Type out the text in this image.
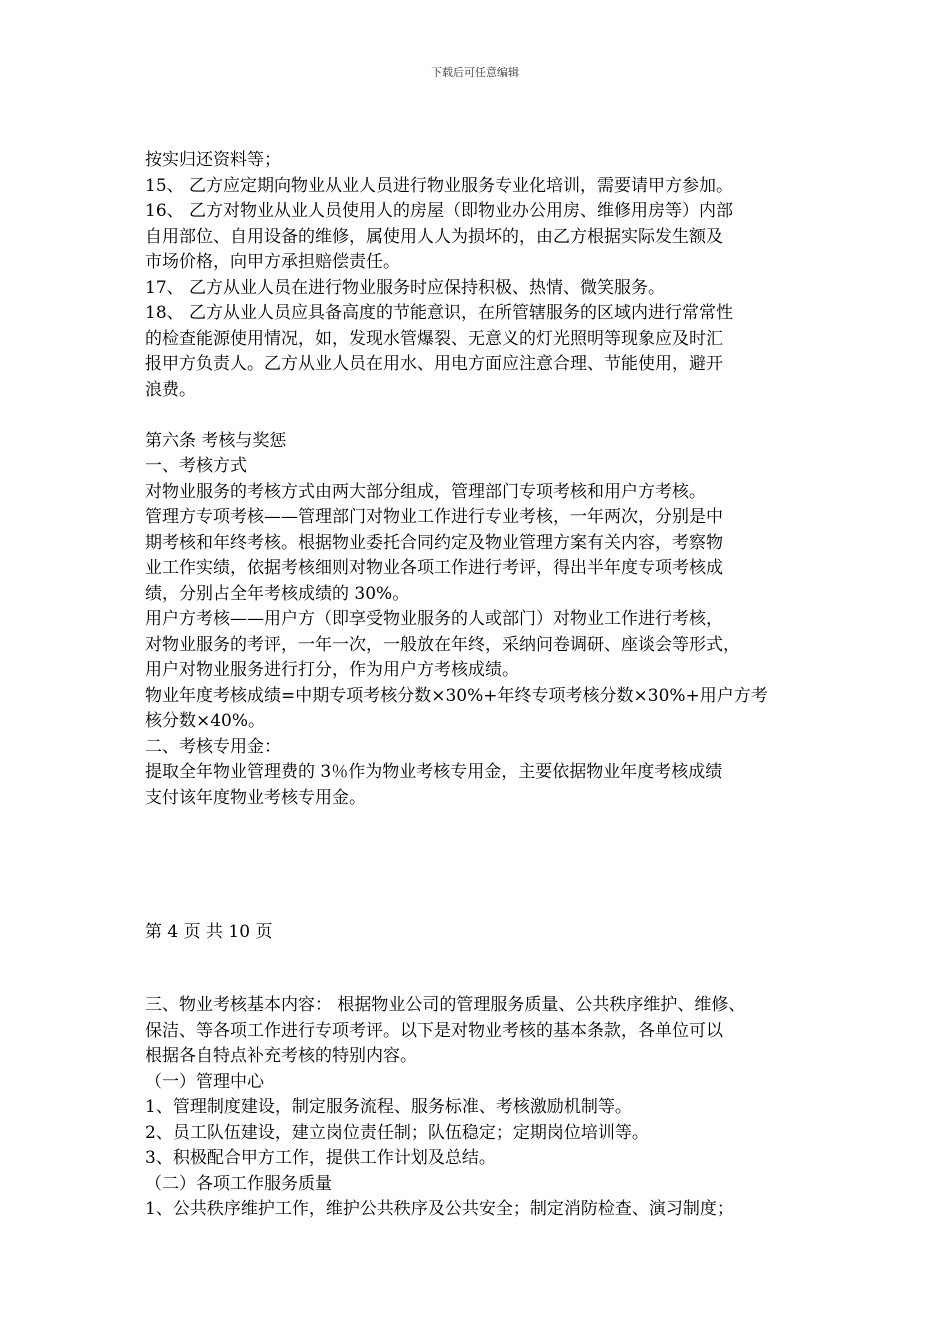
下载后可任意编辑
按实归还资料等；
15、 乙方应定期向物业从业人员进行物业服务专业化培训，需要请甲方参加。
16、 乙方对物业从业人员使用人的房屋（即物业办公用房、维修用房等）内部
自用部位、自用设备的维修，属使用人人为损坏的，由乙方根据实际发生额及
市场价格，向甲方承担赔偿责任。
17、 乙方从业人员在进行物业服务时应保持积极、热情、微笑服务。
18、 乙方从业人员应具备高度的节能意识，在所管辖服务的区域内进行常常性
的检查能源使用情况，如，发现水管爆裂、无意义的灯光照明等现象应及时汇
报甲方负责人。乙方从业人员在用水、用电方面应注意合理、节能使用，避开
浪费。
第六条 考核与奖惩
一、考核方式
对物业服务的考核方式由两大部分组成，管理部门专项考核和用户方考核。
管理方专项考核——管理部门对物业工作进行专业考核，一年两次，分别是中
期考核和年终考核。根据物业委托合同约定及物业管理方案有关内容，考察物
业工作实绩，依据考核细则对物业各项工作进行考评，得出半年度专项考核成
绩，分别占全年考核成绩的 30%。
用户方考核——用户方（即享受物业服务的人或部门）对物业工作进行考核，
对物业服务的考评，一年一次，一般放在年终，采纳问卷调研、座谈会等形式，
用户对物业服务进行打分，作为用户方考核成绩。
物业年度考核成绩=中期专项考核分数×30%+年终专项考核分数×30%+用户方考
核分数×40%。
二、考核专用金：
提取全年物业管理费的 3％作为物业考核专用金，主要依据物业年度考核成绩
支付该年度物业考核专用金。
第 4 页 共 10 页
三、物业考核基本内容： 根据物业公司的管理服务质量、公共秩序维护、维修、
保洁、等各项工作进行专项考评。以下是对物业考核的基本条款，各单位可以
根据各自特点补充考核的特别内容。
（一）管理中心
1、管理制度建设，制定服务流程、服务标准、考核激励机制等。
2、员工队伍建设，建立岗位责任制；队伍稳定；定期岗位培训等。
3、积极配合甲方工作，提供工作计划及总结。
（二）各项工作服务质量
1、公共秩序维护工作，维护公共秩序及公共安全；制定消防检查、演习制度；
